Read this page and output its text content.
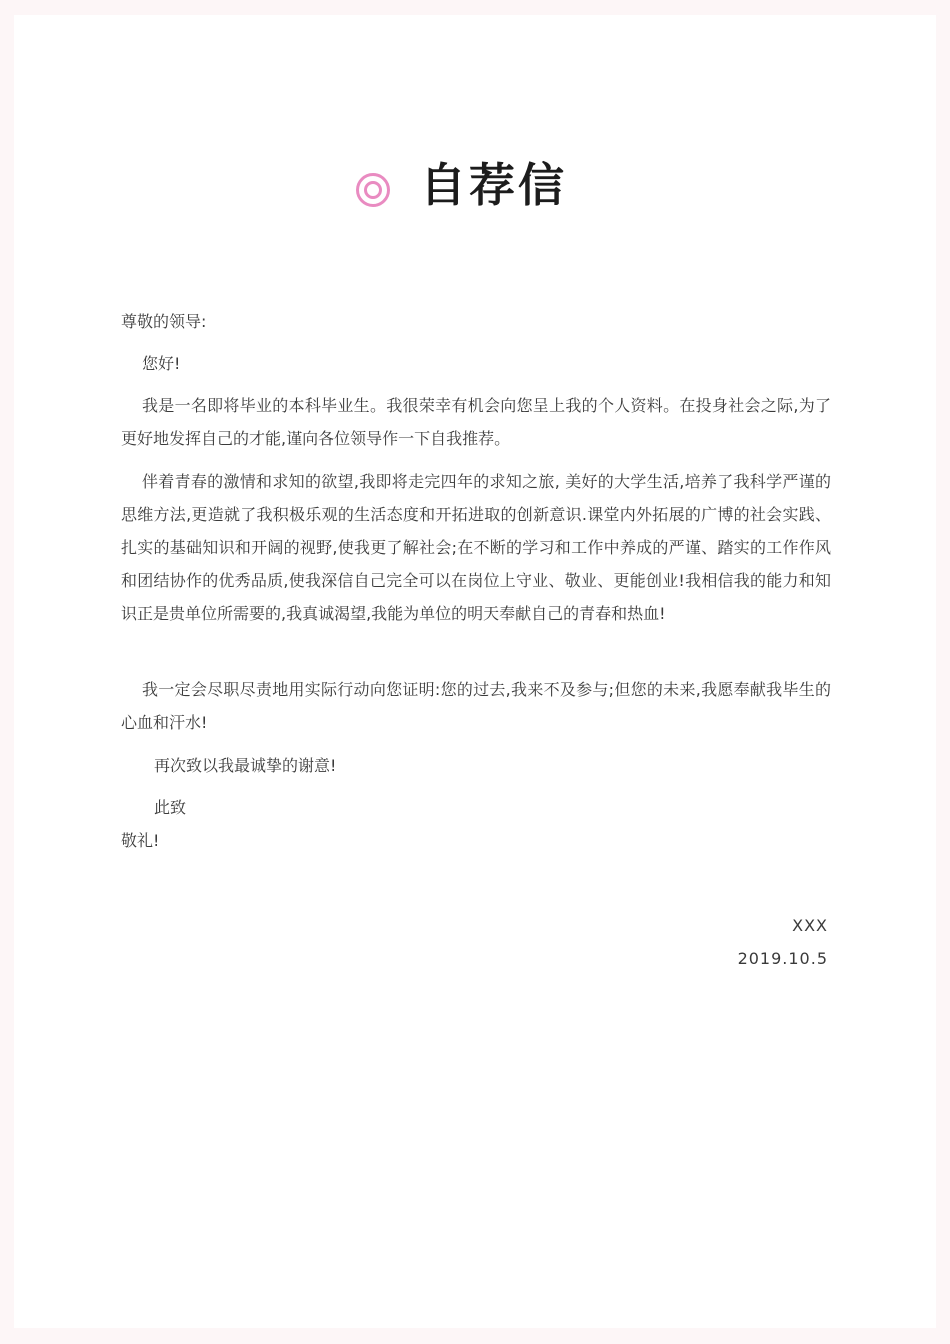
自荐信

尊敬的领导:

您好!

我是一名即将毕业的本科毕业生。我很荣幸有机会向您呈上我的个人资料。在投身社会之际,为了更好地发挥自己的才能,谨向各位领导作一下自我推荐。

伴着青春的激情和求知的欲望,我即将走完四年的求知之旅, 美好的大学生活,培养了我科学严谨的思维方法,更造就了我积极乐观的生活态度和开拓进取的创新意识.课堂内外拓展的广博的社会实践、扎实的基础知识和开阔的视野,使我更了解社会;在不断的学习和工作中养成的严谨、踏实的工作作风和团结协作的优秀品质,使我深信自己完全可以在岗位上守业、敬业、更能创业!我相信我的能力和知识正是贵单位所需要的,我真诚渴望,我能为单位的明天奉献自己的青春和热血!

我一定会尽职尽责地用实际行动向您证明:您的过去,我来不及参与;但您的未来,我愿奉献我毕生的心血和汗水!

再次致以我最诚挚的谢意!

此致

敬礼!

XXX
2019.10.5
